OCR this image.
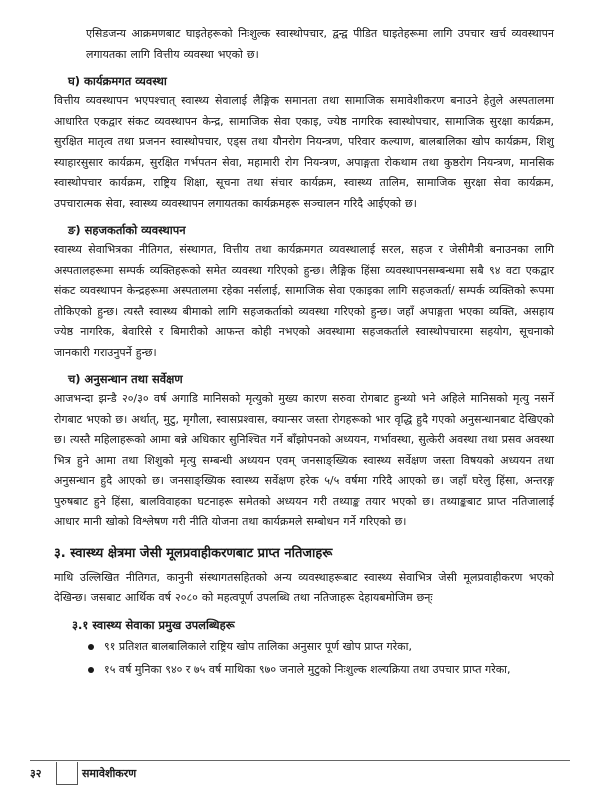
एसिडजन्य आक्रमणबाट घाइतेहरूको निःशुल्क स्वास्थोपचार, द्वन्द्व पीडित घाइतेहरूमा लागि उपचार खर्च व्यवस्थापन लगायतका लागि वित्तीय व्यवस्था भएको छ।

घ) कार्यक्रमगत व्यवस्था

वित्तीय व्यवस्थापन भएपश्चात् स्वास्थ्य सेवालाई लैङ्गिक समानता तथा सामाजिक समावेशीकरण बनाउने हेतुले अस्पतालमा आधारित एकद्वार संकट व्यवस्थापन केन्द्र, सामाजिक सेवा एकाइ, ज्येष्ठ नागरिक स्वास्थोपचार, सामाजिक सुरक्षा कार्यक्रम, सुरक्षित मातृत्व तथा प्रजनन स्वास्थोपचार, एड्स तथा यौनरोग नियन्त्रण, परिवार कल्याण, बालबालिका खोप कार्यक्रम, शिशु स्याहारसुसार कार्यक्रम, सुरक्षित गर्भपतन सेवा, महामारी रोग नियन्त्रण, अपाङ्गता रोकथाम तथा कुष्ठरोग नियन्त्रण, मानसिक स्वास्थोपचार कार्यक्रम, राष्ट्रिय शिक्षा, सूचना तथा संचार कार्यक्रम, स्वास्थ्य तालिम, सामाजिक सुरक्षा सेवा कार्यक्रम, उपचारात्मक सेवा, स्वास्थ्य व्यवस्थापन लगायतका कार्यक्रमहरू सञ्चालन गरिदै आईएको छ।

ङ) सहजकर्ताको व्यवस्थापन

स्वास्थ्य सेवाभित्रका नीतिगत, संस्थागत, वित्तीय तथा कार्यक्रमगत व्यवस्थालाई सरल, सहज र जेसीमैत्री बनाउनका लागि अस्पतालहरूमा सम्पर्क व्यक्तिहरूको समेत व्यवस्था गरिएको हुन्छ। लैङ्गिक हिंसा व्यवस्थापनसम्बन्धमा सबै ९४ वटा एकद्वार संकट व्यवस्थापन केन्द्रहरूमा अस्पतालमा रहेका नर्सलाई, सामाजिक सेवा एकाइका लागि सहजकर्ता/ सम्पर्क व्यक्तिको रूपमा तोकिएको हुन्छ। त्यस्तै स्वास्थ्य बीमाको लागि सहजकर्ताको व्यवस्था गरिएको हुन्छ। जहाँ अपाङ्गता भएका व्यक्ति, असहाय ज्येष्ठ नागरिक, बेवारिसे र बिमारीको आफन्त कोही नभएको अवस्थामा सहजकर्ताले स्वास्थोपचारमा सहयोग, सूचनाको जानकारी गराउनुपर्ने हुन्छ।

च) अनुसन्धान तथा सर्वेक्षण

आजभन्दा झन्डै २०/३० वर्ष अगाडि मानिसको मृत्युको मुख्य कारण सरुवा रोगबाट हुन्थ्यो भने अहिले मानिसको मृत्यु नसर्ने रोगबाट भएको छ। अर्थात्, मुटु, मृगौला, स्वासप्रश्वास, क्यान्सर जस्ता रोगहरूको भार वृद्धि हुदै गएको अनुसन्धानबाट देखिएको छ। त्यस्तै महिलाहरूको आमा बन्ने अधिकार सुनिश्चित गर्ने बाँझोपनको अध्ययन, गर्भावस्था, सुत्केरी अवस्था तथा प्रसव अवस्था भित्र हुने आमा तथा शिशुको मृत्यु सम्बन्धी अध्ययन एवम् जनसाङ्ख्यिक स्वास्थ्य सर्वेक्षण जस्ता विषयको अध्ययन तथा अनुसन्धान हुदै आएको छ। जनसाङ्ख्यिक स्वास्थ्य सर्वेक्षण हरेक ५/५ वर्षमा गरिदै आएको छ। जहाँ घरेलु हिंसा, अन्तरङ्ग पुरुषबाट हुने हिंसा, बालविवाहका घटनाहरू समेतको अध्ययन गरी तथ्याङ्क तयार भएको छ। तथ्याङ्कबाट प्राप्त नतिजालाई आधार मानी खोको विश्लेषण गरी नीति योजना तथा कार्यक्रमले सम्बोधन गर्ने गरिएको छ।

३. स्वास्थ्य क्षेत्रमा जेसी मूलप्रवाहीकरणबाट प्राप्त नतिजाहरू

माथि उल्लिखित नीतिगत, कानुनी संस्थागतसहितको अन्य व्यवस्थाहरूबाट स्वास्थ्य सेवाभित्र जेसी मूलप्रवाहीकरण भएको देखिन्छ। जसबाट आर्थिक वर्ष २०८० को महत्वपूर्ण उपलब्धि तथा नतिजाहरू देहायबमोजिम छन्ः

३.१ स्वास्थ्य सेवाका प्रमुख उपलब्धिहरू
९१ प्रतिशत बालबालिकाले राष्ट्रिय खोप तालिका अनुसार पूर्ण खोप प्राप्त गरेका,
१५ वर्ष मुनिका ९४० र ७५ वर्ष माथिका ९७० जनाले मुटुको निःशुल्क शल्यक्रिया तथा उपचार प्राप्त गरेका,
३२	समावेशीकरण
